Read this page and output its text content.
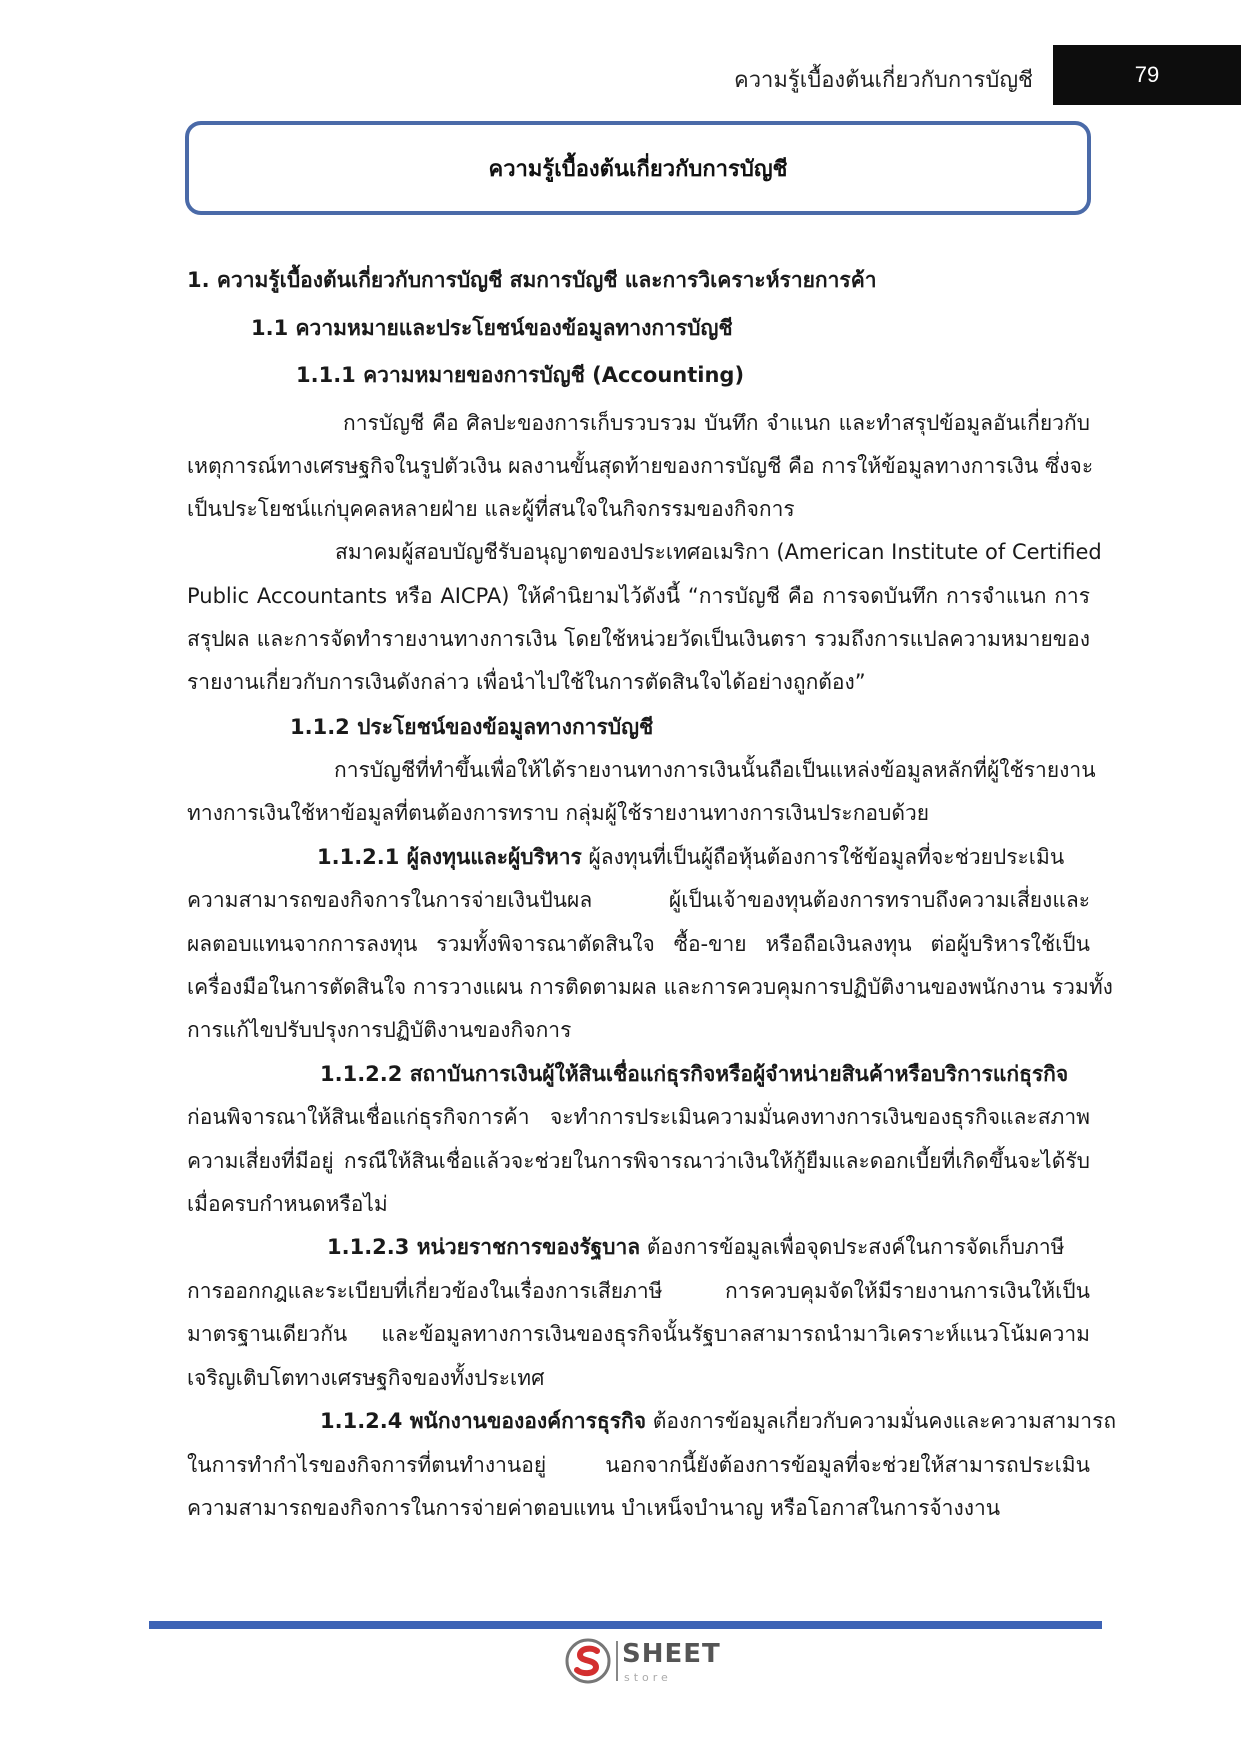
ความรู้เบื้องต้นเกี่ยวกับการบัญชี	79
ความรู้เบื้องต้นเกี่ยวกับการบัญชี
1. ความรู้เบื้องต้นเกี่ยวกับการบัญชี สมการบัญชี และการวิเคราะห์รายการค้า
1.1 ความหมายและประโยชน์ของข้อมูลทางการบัญชี
1.1.1 ความหมายของการบัญชี (Accounting)
การบัญชี คือ ศิลปะของการเก็บรวบรวม บันทึก จำแนก และทำสรุปข้อมูลอันเกี่ยวกับ
เหตุการณ์ทางเศรษฐกิจในรูปตัวเงิน ผลงานขั้นสุดท้ายของการบัญชี คือ การให้ข้อมูลทางการเงิน ซึ่งจะ
เป็นประโยชน์แก่บุคคลหลายฝ่าย และผู้ที่สนใจในกิจกรรมของกิจการ
สมาคมผู้สอบบัญชีรับอนุญาตของประเทศอเมริกา (American Institute of Certified
Public Accountants หรือ AICPA) ให้คำนิยามไว้ดังนี้ “การบัญชี คือ การจดบันทึก การจำแนก การ
สรุปผล และการจัดทำรายงานทางการเงิน โดยใช้หน่วยวัดเป็นเงินตรา รวมถึงการแปลความหมายของ
รายงานเกี่ยวกับการเงินดังกล่าว เพื่อนำไปใช้ในการตัดสินใจได้อย่างถูกต้อง”
1.1.2 ประโยชน์ของข้อมูลทางการบัญชี
การบัญชีที่ทำขึ้นเพื่อให้ได้รายงานทางการเงินนั้นถือเป็นแหล่งข้อมูลหลักที่ผู้ใช้รายงาน
ทางการเงินใช้หาข้อมูลที่ตนต้องการทราบ กลุ่มผู้ใช้รายงานทางการเงินประกอบด้วย
1.1.2.1 ผู้ลงทุนและผู้บริหาร ผู้ลงทุนที่เป็นผู้ถือหุ้นต้องการใช้ข้อมูลที่จะช่วยประเมิน
ความสามารถของกิจการในการจ่ายเงินปันผล ผู้เป็นเจ้าของทุนต้องการทราบถึงความเสี่ยงและ
ผลตอบแทนจากการลงทุน รวมทั้งพิจารณาตัดสินใจ ซื้อ-ขาย หรือถือเงินลงทุน ต่อผู้บริหารใช้เป็น
เครื่องมือในการตัดสินใจ การวางแผน การติดตามผล และการควบคุมการปฏิบัติงานของพนักงาน รวมทั้ง
การแก้ไขปรับปรุงการปฏิบัติงานของกิจการ
1.1.2.2 สถาบันการเงินผู้ให้สินเชื่อแก่ธุรกิจหรือผู้จำหน่ายสินค้าหรือบริการแก่ธุรกิจ
ก่อนพิจารณาให้สินเชื่อแก่ธุรกิจการค้า จะทำการประเมินความมั่นคงทางการเงินของธุรกิจและสภาพ
ความเสี่ยงที่มีอยู่ กรณีให้สินเชื่อแล้วจะช่วยในการพิจารณาว่าเงินให้กู้ยืมและดอกเบี้ยที่เกิดขึ้นจะได้รับ
เมื่อครบกำหนดหรือไม่
1.1.2.3 หน่วยราชการของรัฐบาล ต้องการข้อมูลเพื่อจุดประสงค์ในการจัดเก็บภาษี
การออกกฎและระเบียบที่เกี่ยวข้องในเรื่องการเสียภาษี การควบคุมจัดให้มีรายงานการเงินให้เป็น
มาตรฐานเดียวกัน และข้อมูลทางการเงินของธุรกิจนั้นรัฐบาลสามารถนำมาวิเคราะห์แนวโน้มความ
เจริญเติบโตทางเศรษฐกิจของทั้งประเทศ
1.1.2.4 พนักงานขององค์การธุรกิจ ต้องการข้อมูลเกี่ยวกับความมั่นคงและความสามารถ
ในการทำกำไรของกิจการที่ตนทำงานอยู่ นอกจากนี้ยังต้องการข้อมูลที่จะช่วยให้สามารถประเมิน
ความสามารถของกิจการในการจ่ายค่าตอบแทน บำเหน็จบำนาญ หรือโอกาสในการจ้างงาน
SHEET
store
